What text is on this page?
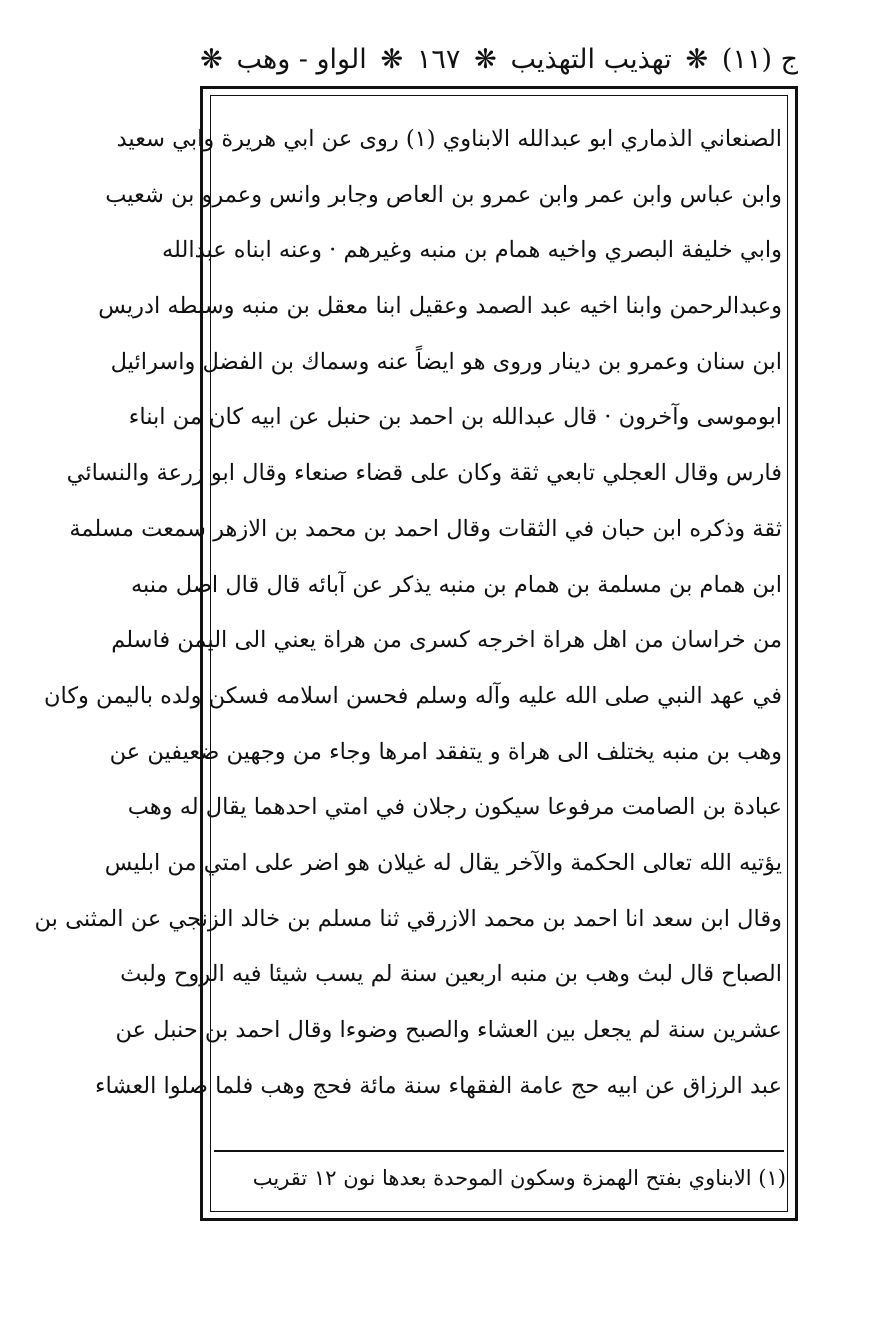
ج (١١)
❋
تهذيب التهذيب
❋
١٦٧
❋
الواو - وهب
❋
الصنعاني الذماري ابو عبدالله الابناوي (١) روى عن ابي هريرة وابي سعيد
وابن عباس وابن عمر وابن عمرو بن العاص وجابر وانس وعمرو بن شعيب
وابي خليفة البصري واخيه همام بن منبه وغيرهم · وعنه ابناه عبدالله
وعبدالرحمن وابنا اخيه عبد الصمد وعقيل ابنا معقل بن منبه وسبطه ادريس
ابن سنان وعمرو بن دينار وروى هو ايضاً عنه وسماك بن الفضل واسرائيل
ابوموسى وآخرون · قال عبدالله بن احمد بن حنبل عن ابيه كان من ابناء
فارس وقال العجلي تابعي ثقة وكان على قضاء صنعاء وقال ابو زرعة والنسائي
ثقة وذكره ابن حبان في الثقات وقال احمد بن محمد بن الازهر سمعت مسلمة
ابن همام بن مسلمة بن همام بن منبه يذكر عن آبائه قال قال اصل منبه
من خراسان من اهل هراة اخرجه كسرى من هراة يعني الى اليمن فاسلم
في عهد النبي صلى الله عليه وآله وسلم فحسن اسلامه فسكن ولده باليمن وكان
وهب بن منبه يختلف الى هراة و يتفقد امرها وجاء من وجهين ضعيفين عن
عبادة بن الصامت مرفوعا سيكون رجلان في امتي احدهما يقال له وهب
يؤتيه الله تعالى الحكمة والآخر يقال له غيلان هو اضر على امتي من ابليس
وقال ابن سعد انا احمد بن محمد الازرقي ثنا مسلم بن خالد الزنجي عن المثنى بن
الصباح قال لبث وهب بن منبه اربعين سنة لم يسب شيئا فيه الروح ولبث
عشرين سنة لم يجعل بين العشاء والصبح وضوءا وقال احمد بن حنبل عن
عبد الرزاق عن ابيه حج عامة الفقهاء سنة مائة فحج وهب فلما صلوا العشاء
(١) الابناوي بفتح الهمزة وسكون الموحدة بعدها نون ١٢ تقريب
